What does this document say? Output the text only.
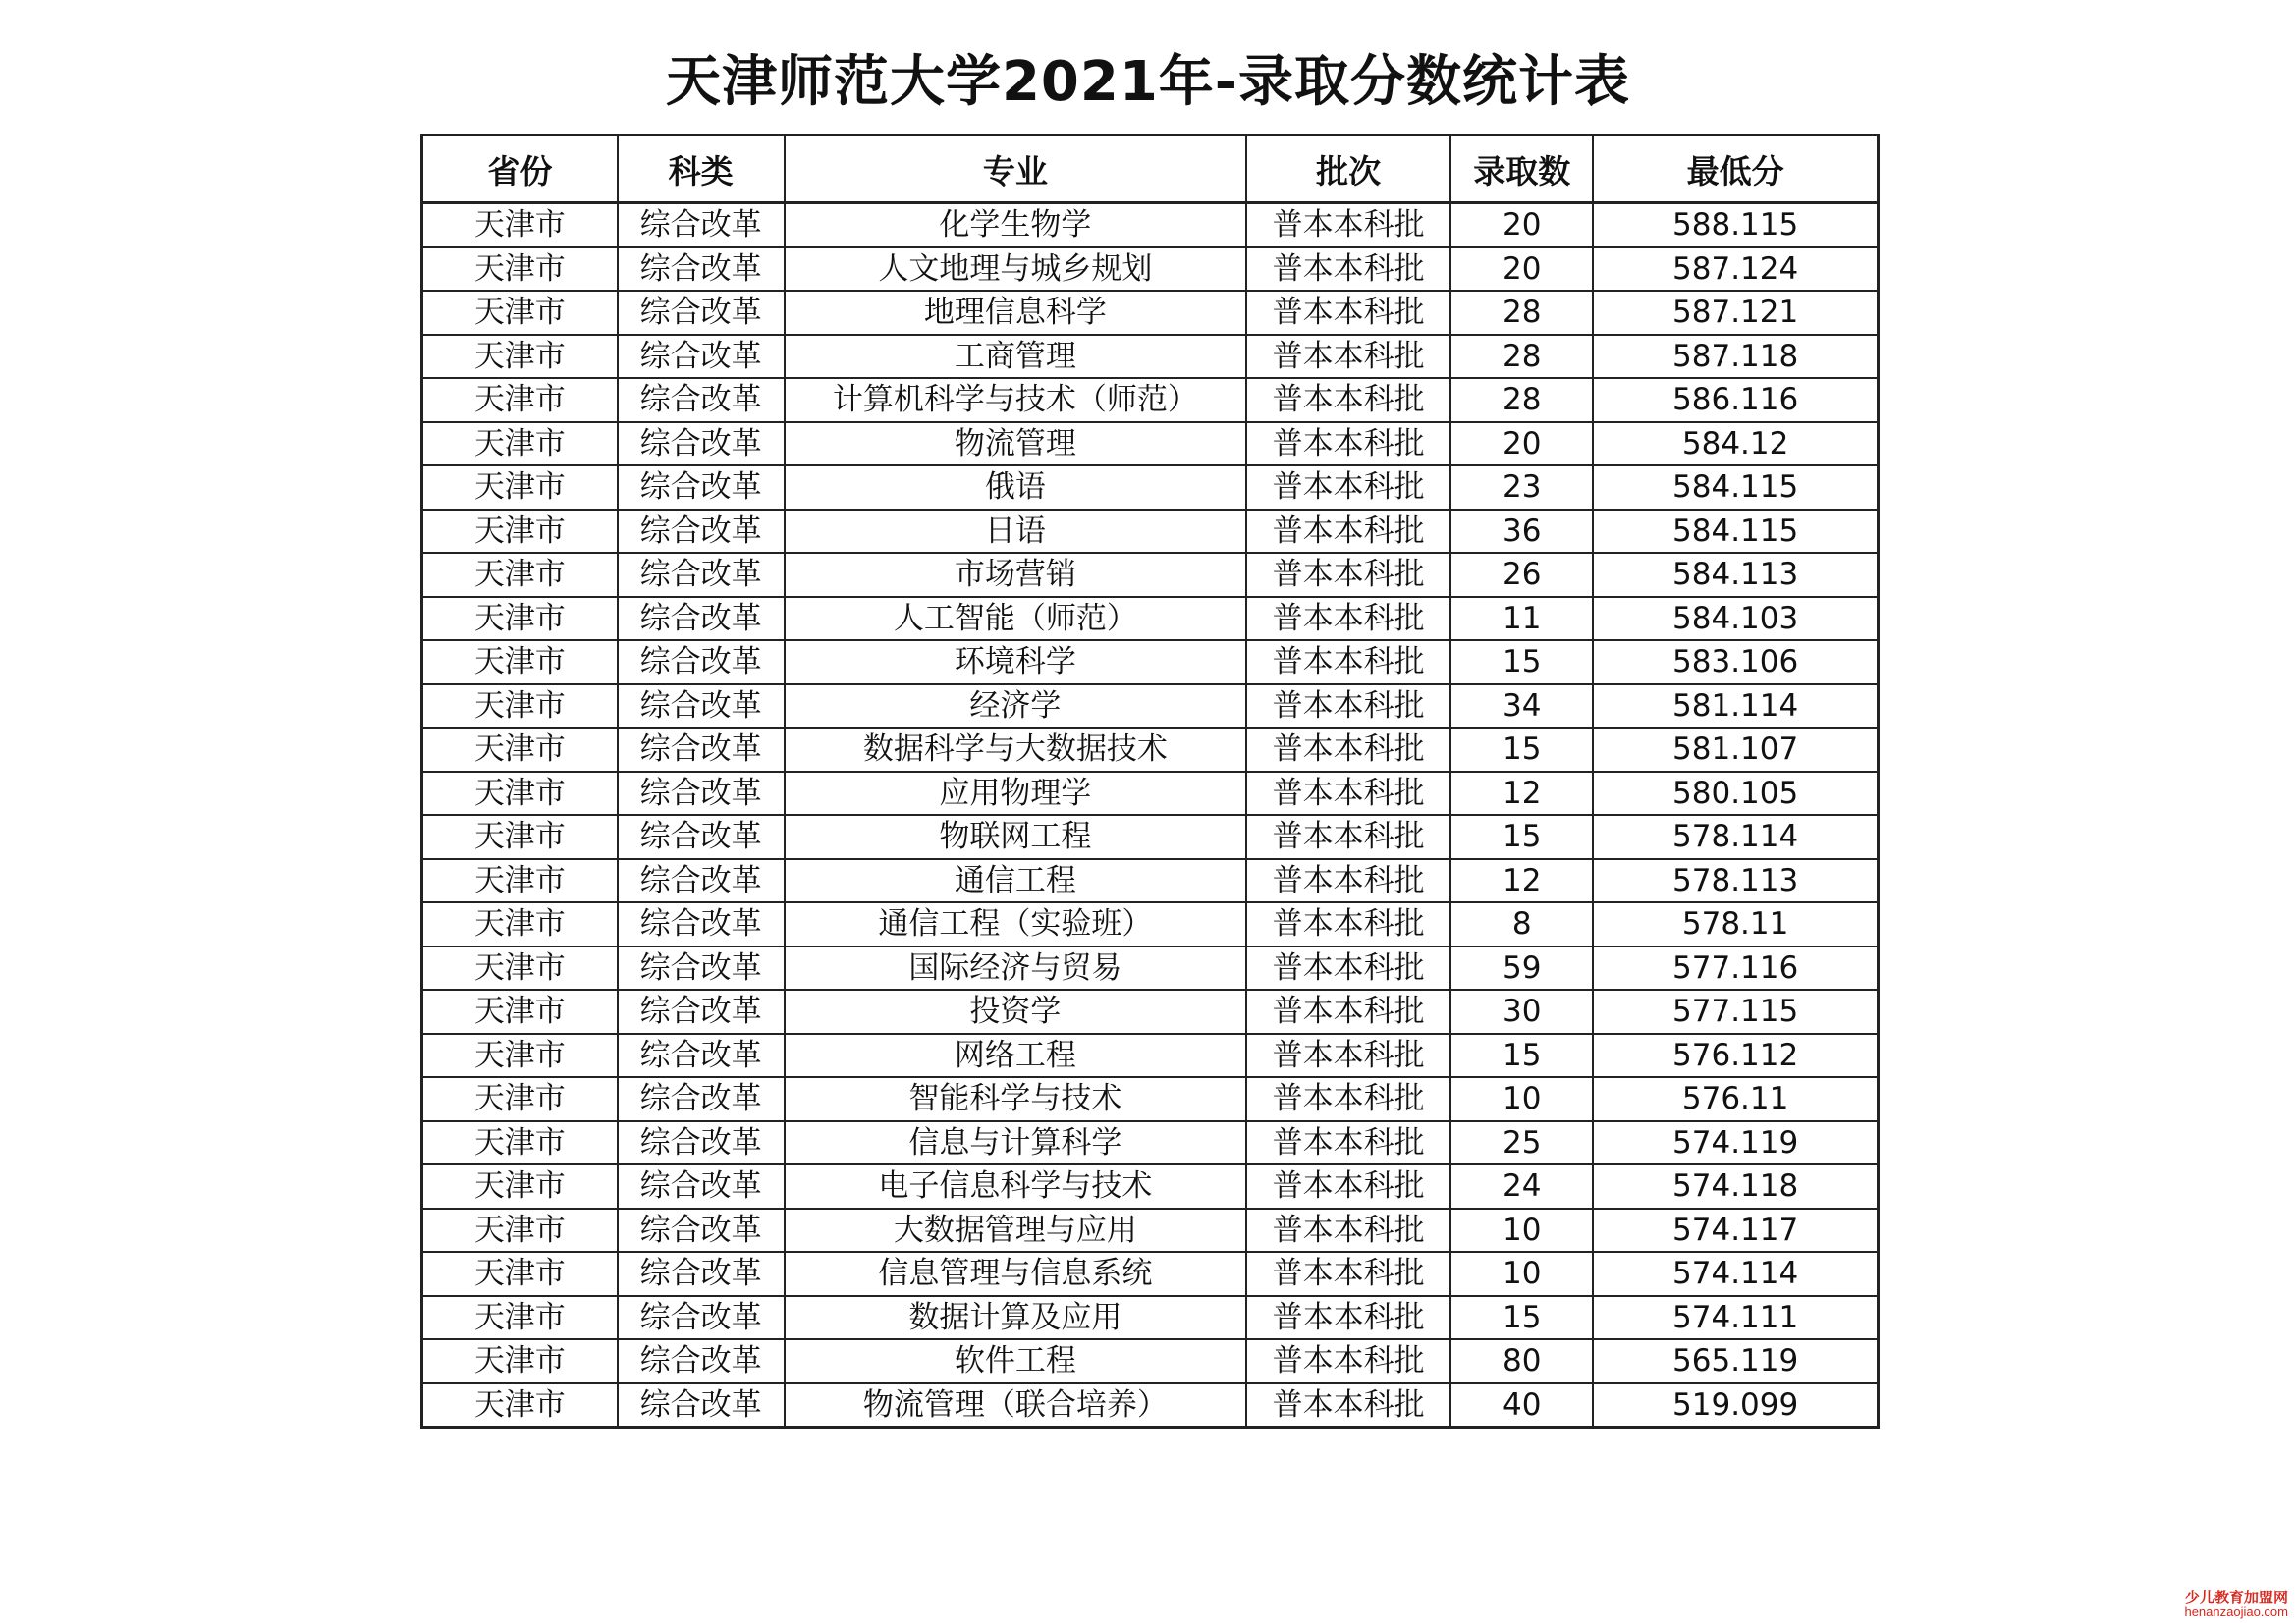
天津师范大学2021年-录取分数统计表
省份	科类	专业	批次	录取数	最低分
天津市	综合改革	化学生物学	普本本科批	20	588.115
天津市	综合改革	人文地理与城乡规划	普本本科批	20	587.124
天津市	综合改革	地理信息科学	普本本科批	28	587.121
天津市	综合改革	工商管理	普本本科批	28	587.118
天津市	综合改革	计算机科学与技术（师范）	普本本科批	28	586.116
天津市	综合改革	物流管理	普本本科批	20	584.12
天津市	综合改革	俄语	普本本科批	23	584.115
天津市	综合改革	日语	普本本科批	36	584.115
天津市	综合改革	市场营销	普本本科批	26	584.113
天津市	综合改革	人工智能（师范）	普本本科批	11	584.103
天津市	综合改革	环境科学	普本本科批	15	583.106
天津市	综合改革	经济学	普本本科批	34	581.114
天津市	综合改革	数据科学与大数据技术	普本本科批	15	581.107
天津市	综合改革	应用物理学	普本本科批	12	580.105
天津市	综合改革	物联网工程	普本本科批	15	578.114
天津市	综合改革	通信工程	普本本科批	12	578.113
天津市	综合改革	通信工程（实验班）	普本本科批	8	578.11
天津市	综合改革	国际经济与贸易	普本本科批	59	577.116
天津市	综合改革	投资学	普本本科批	30	577.115
天津市	综合改革	网络工程	普本本科批	15	576.112
天津市	综合改革	智能科学与技术	普本本科批	10	576.11
天津市	综合改革	信息与计算科学	普本本科批	25	574.119
天津市	综合改革	电子信息科学与技术	普本本科批	24	574.118
天津市	综合改革	大数据管理与应用	普本本科批	10	574.117
天津市	综合改革	信息管理与信息系统	普本本科批	10	574.114
天津市	综合改革	数据计算及应用	普本本科批	15	574.111
天津市	综合改革	软件工程	普本本科批	80	565.119
天津市	综合改革	物流管理（联合培养）	普本本科批	40	519.099
少儿教育加盟网
henanzaojiao.com
